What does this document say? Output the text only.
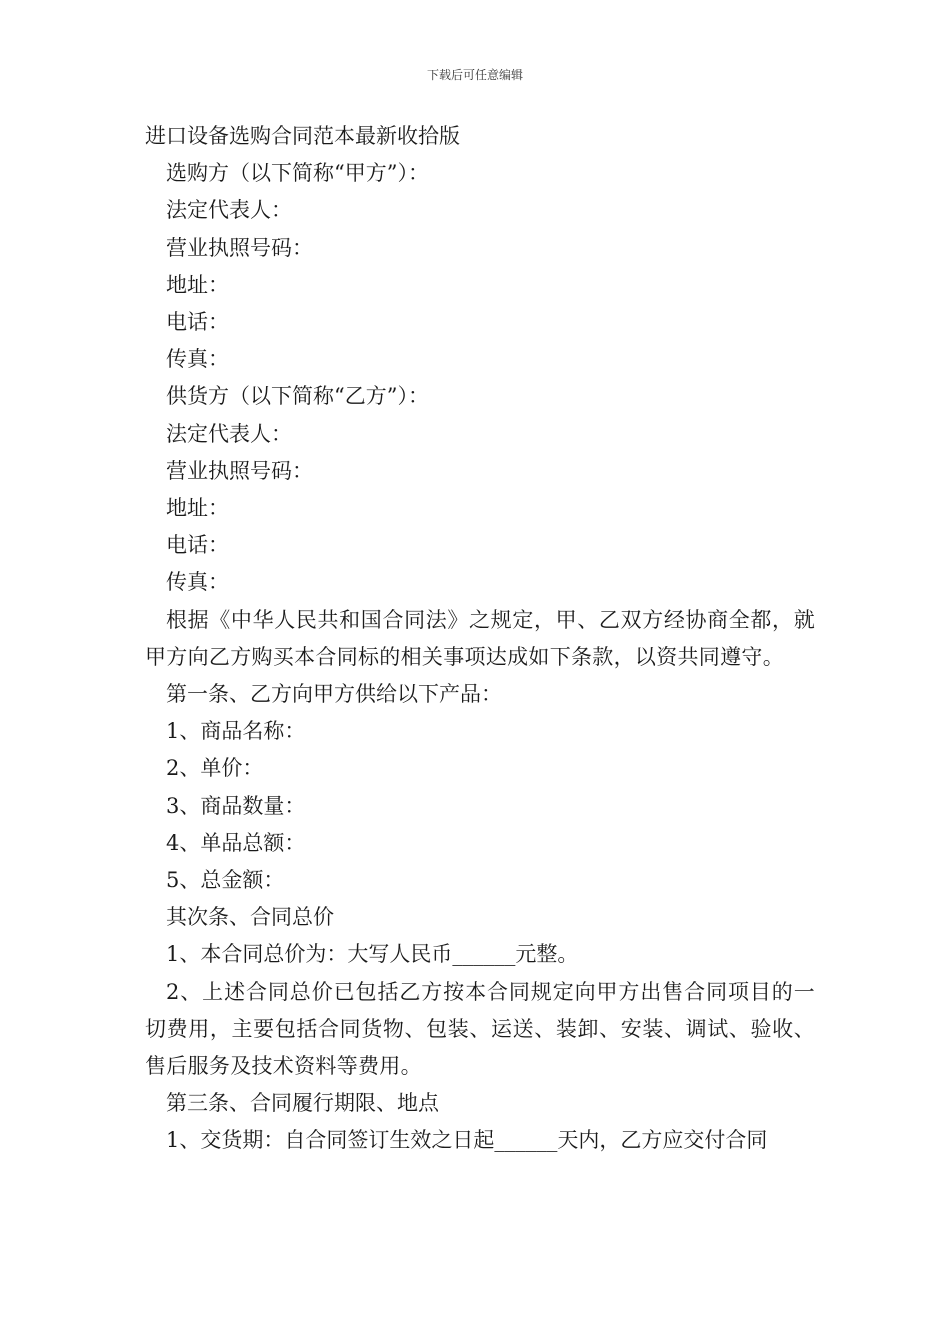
下载后可任意编辑

进口设备选购合同范本最新收拾版

选购方（以下简称“甲方”）：

法定代表人：

营业执照号码：

地址：

电话：

传真：

供货方（以下简称“乙方”）：

法定代表人：

营业执照号码：

地址：

电话：

传真：

根据《中华人民共和国合同法》之规定，甲、乙双方经协商全都，就甲方向乙方购买本合同标的相关事项达成如下条款，以资共同遵守。

第一条、乙方向甲方供给以下产品：

1、商品名称：

2、单价：

3、商品数量：

4、单品总额：

5、总金额：

其次条、合同总价

1、本合同总价为：大写人民币______元整。

2、上述合同总价已包括乙方按本合同规定向甲方出售合同项目的一切费用，主要包括合同货物、包装、运送、装卸、安装、调试、验收、售后服务及技术资料等费用。

第三条、合同履行期限、地点

1、交货期：自合同签订生效之日起______天内，乙方应交付合同
